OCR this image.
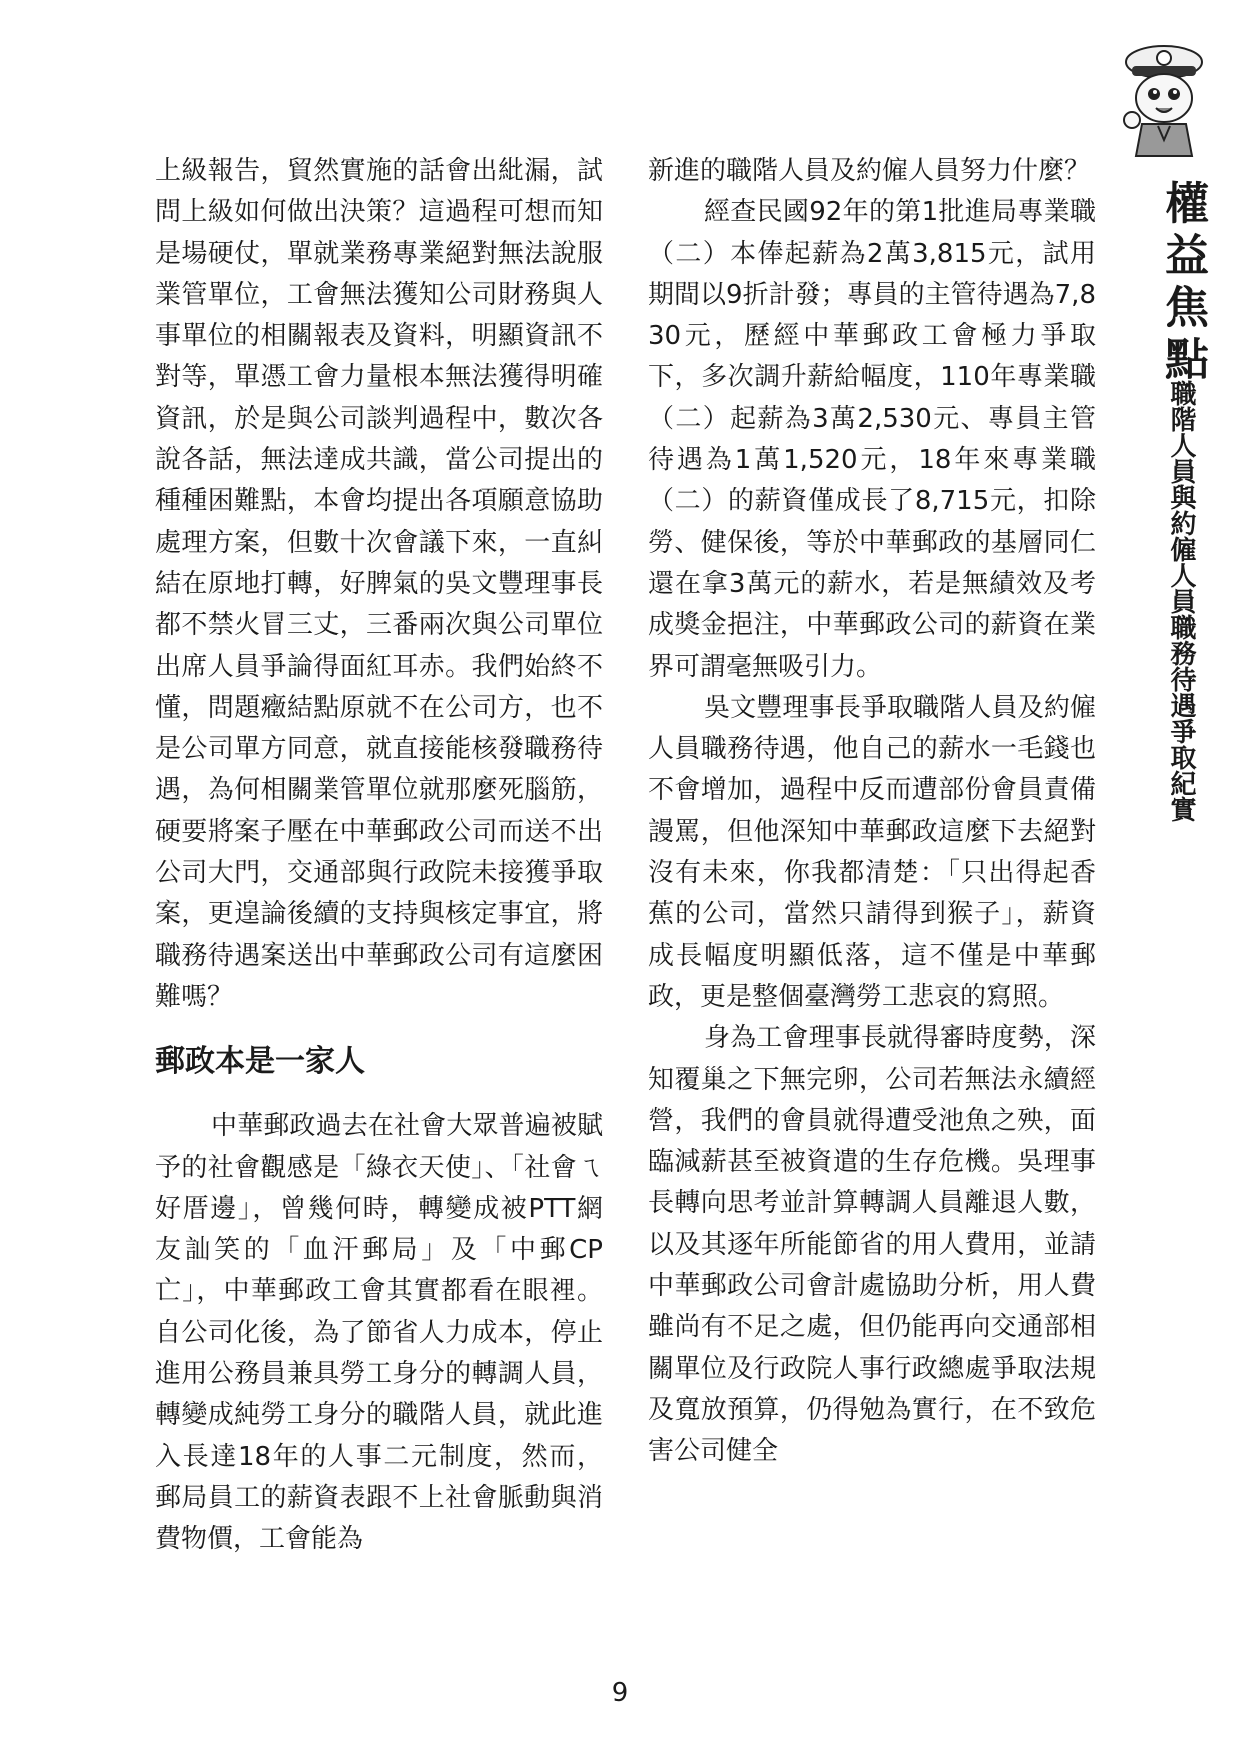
權益焦點
職階人員與約僱人員職務待遇爭取紀實

上級報告，貿然實施的話會出紕漏，試問上級如何做出決策？這過程可想而知是場硬仗，單就業務專業絕對無法說服業管單位，工會無法獲知公司財務與人事單位的相關報表及資料，明顯資訊不對等，單憑工會力量根本無法獲得明確資訊，於是與公司談判過程中，數次各說各話，無法達成共識，當公司提出的種種困難點，本會均提出各項願意協助處理方案，但數十次會議下來，一直糾結在原地打轉，好脾氣的吳文豐理事長都不禁火冒三丈，三番兩次與公司單位出席人員爭論得面紅耳赤。我們始終不懂，問題癥結點原就不在公司方，也不是公司單方同意，就直接能核發職務待遇，為何相關業管單位就那麼死腦筋，硬要將案子壓在中華郵政公司而送不出公司大門，交通部與行政院未接獲爭取案，更遑論後續的支持與核定事宜，將職務待遇案送出中華郵政公司有這麼困難嗎？

郵政本是一家人

中華郵政過去在社會大眾普遍被賦予的社會觀感是「綠衣天使」、「社會ㄟ好厝邊」，曾幾何時，轉變成被PTT網友訕笑的「血汗郵局」及「中郵CP亡」，中華郵政工會其實都看在眼裡。自公司化後，為了節省人力成本，停止進用公務員兼具勞工身分的轉調人員，轉變成純勞工身分的職階人員，就此進入長達18年的人事二元制度，然而，郵局員工的薪資表跟不上社會脈動與消費物價，工會能為

新進的職階人員及約僱人員努力什麼？

經查民國92年的第1批進局專業職（二）本俸起薪為2萬3,815元，試用期間以9折計發；專員的主管待遇為7,830元，歷經中華郵政工會極力爭取下，多次調升薪給幅度，110年專業職（二）起薪為3萬2,530元、專員主管待遇為1萬1,520元，18年來專業職（二）的薪資僅成長了8,715元，扣除勞、健保後，等於中華郵政的基層同仁還在拿3萬元的薪水，若是無績效及考成獎金挹注，中華郵政公司的薪資在業界可謂毫無吸引力。

吳文豐理事長爭取職階人員及約僱人員職務待遇，他自己的薪水一毛錢也不會增加，過程中反而遭部份會員責備謾罵，但他深知中華郵政這麼下去絕對沒有未來，你我都清楚：「只出得起香蕉的公司，當然只請得到猴子」，薪資成長幅度明顯低落，這不僅是中華郵政，更是整個臺灣勞工悲哀的寫照。

身為工會理事長就得審時度勢，深知覆巢之下無完卵，公司若無法永續經營，我們的會員就得遭受池魚之殃，面臨減薪甚至被資遣的生存危機。吳理事長轉向思考並計算轉調人員離退人數，以及其逐年所能節省的用人費用，並請中華郵政公司會計處協助分析，用人費雖尚有不足之處，但仍能再向交通部相關單位及行政院人事行政總處爭取法規及寬放預算，仍得勉為實行，在不致危害公司健全

9
